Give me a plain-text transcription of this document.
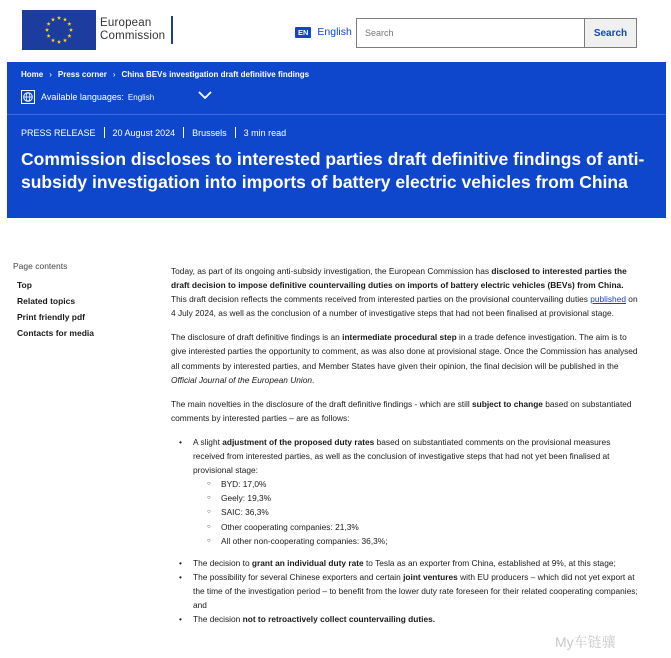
European
Commission	EN English
Search	Search
Home › Press corner › China BEVs investigation draft definitive findings
Available languages: English
PRESS RELEASE 20 August 2024 Brussels 3 min read
Commission discloses to interested parties draft definitive findings of anti-subsidy investigation into imports of battery electric vehicles from China
Page contents
Top
Related topics
Print friendly pdf
Contacts for media

Today, as part of its ongoing anti-subsidy investigation, the European Commission has disclosed to interested parties the draft decision to impose definitive countervailing duties on imports of battery electric vehicles (BEVs) from China. This draft decision reflects the comments received from interested parties on the provisional countervailing duties published on 4 July 2024, as well as the conclusion of a number of investigative steps that had not been finalised at provisional stage.

The disclosure of draft definitive findings is an intermediate procedural step in a trade defence investigation. The aim is to give interested parties the opportunity to comment, as was also done at provisional stage. Once the Commission has analysed all comments by interested parties, and Member States have given their opinion, the final decision will be published in the Official Journal of the European Union.

The main novelties in the disclosure of the draft definitive findings - which are still subject to change based on substantiated comments by interested parties – are as follows:

• A slight adjustment of the proposed duty rates based on substantiated comments on the provisional measures received from interested parties, as well as the conclusion of investigative steps that had not yet been finalised at provisional stage:
○ BYD: 17,0%
○ Geely: 19,3%
○ SAIC: 36,3%
○ Other cooperating companies: 21,3%
○ All other non-cooperating companies: 36,3%;
• The decision to grant an individual duty rate to Tesla as an exporter from China, established at 9%, at this stage;
• The possibility for several Chinese exporters and certain joint ventures with EU producers – which did not yet export at the time of the investigation period – to benefit from the lower duty rate foreseen for their related cooperating companies; and
• The decision not to retroactively collect countervailing duties.
My车链骧
